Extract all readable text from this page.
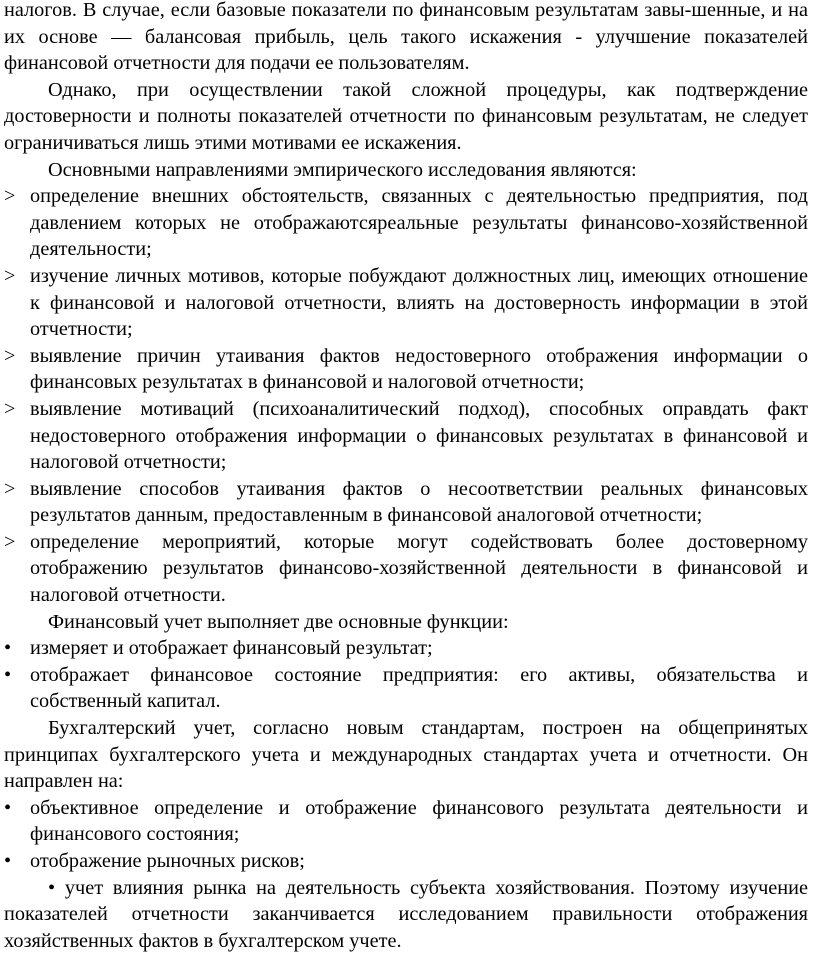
налогов. В случае, если базовые показатели по финансовым результатам завы-шенные, и на их основе — балансовая прибыль, цель такого искажения - улучшение показателей финансовой отчетности для подачи ее пользователям.

Однако, при осуществлении такой сложной процедуры, как подтверждение достоверности и полноты показателей отчетности по финансовым результатам, не следует ограничиваться лишь этими мотивами ее искажения.

Основными направлениями эмпирического исследования являются:

> определение внешних обстоятельств, связанных с деятельностью предприятия, под давлением которых не отображаютсяреальные результаты финансово-хозяйственной деятельности;
> изучение личных мотивов, которые побуждают должностных лиц, имеющих отношение к финансовой и налоговой отчетности, влиять на достоверность информации в этой отчетности;
> выявление причин утаивания фактов недостоверного отображения информации о финансовых результатах в финансовой и налоговой отчетности;
> выявление мотиваций (психоаналитический подход), способных оправдать факт недостоверного отображения информации о финансовых результатах в финансовой и налоговой отчетности;
> выявление способов утаивания фактов о несоответствии реальных финансовых результатов данным, предоставленным в финансовой аналоговой отчетности;
> определение мероприятий, которые могут содействовать более достоверному отображению результатов финансово-хозяйственной деятельности в финансовой и налоговой отчетности.

Финансовый учет выполняет две основные функции:

• измеряет и отображает финансовый результат;
• отображает финансовое состояние предприятия: его активы, обязательства и собственный капитал.

Бухгалтерский учет, согласно новым стандартам, построен на общепринятых принципах бухгалтерского учета и международных стандартах учета и отчетности. Он направлен на:

• объективное определение и отображение финансового результата деятельности и финансового состояния;
• отображение рыночных рисков;

• учет влияния рынка на деятельность субъекта хозяйствования. Поэтому изучение показателей отчетности заканчивается исследованием правильности отображения хозяйственных фактов в бухгалтерском учете.
